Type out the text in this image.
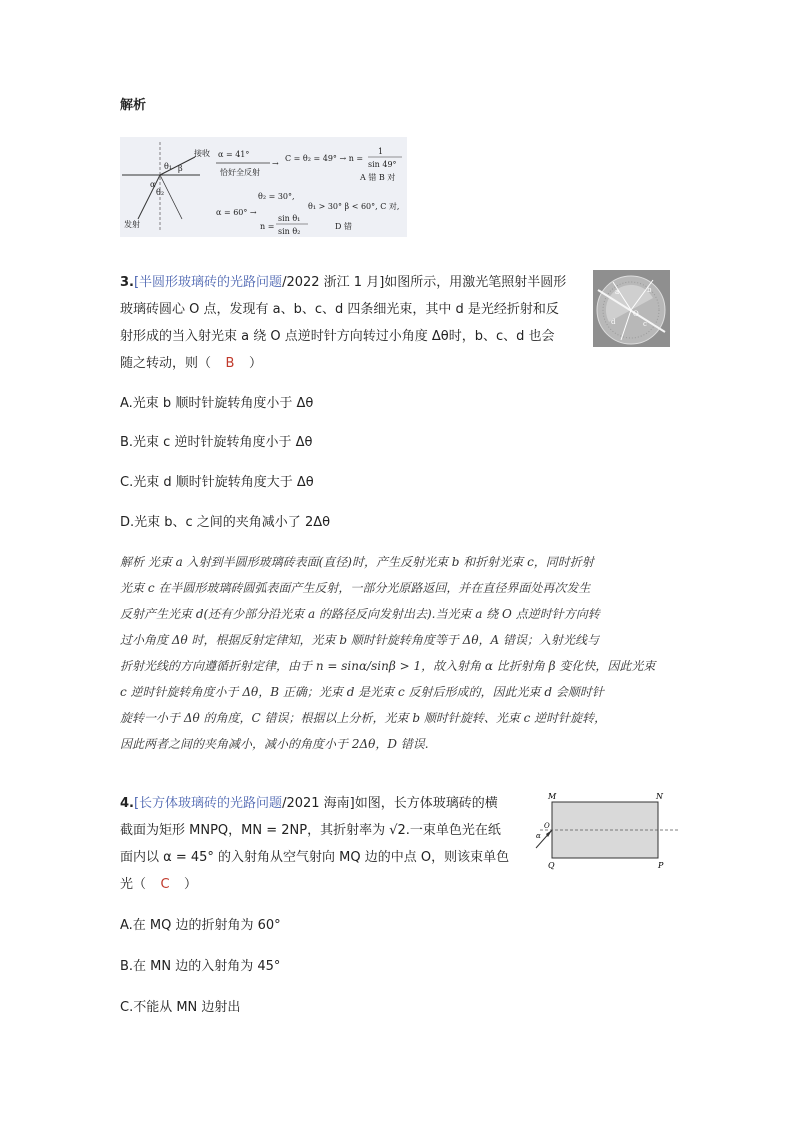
解析
θ₁
α
θ₂
β
接收
发射
α = 41°
→
恰好全反射
C = θ₂ = 49° → n =
1
sin 49°
A 错 B 对
θ₂ = 30°,
α = 60° →
n =
sin θ₁
sin θ₂
θ₁ > 30° β < 60°, C 对,
D 错
3.[半圆形玻璃砖的光路问题/2022 浙江 1 月]如图所示，用激光笔照射半圆形
玻璃砖圆心 O 点，发现有 a、b、c、d 四条细光束，其中 d 是光经折射和反
射形成的当入射光束 a 绕 O 点逆时针方向转过小角度 Δθ时，b、c、d 也会
随之转动，则（ B ）
a	b
d
O
c
A.光束 b 顺时针旋转角度小于 Δθ
B.光束 c 逆时针旋转角度小于 Δθ
C.光束 d 顺时针旋转角度大于 Δθ
D.光束 b、c 之间的夹角减小了 2Δθ
解析 光束 a 入射到半圆形玻璃砖表面(直径)时，产生反射光束 b 和折射光束 c，同时折射
光束 c 在半圆形玻璃砖圆弧表面产生反射，一部分光原路返回，并在直径界面处再次发生
反射产生光束 d(还有少部分沿光束 a 的路径反向发射出去).当光束 a 绕 O 点逆时针方向转
过小角度 Δθ 时，根据反射定律知，光束 b 顺时针旋转角度等于 Δθ，A 错误；入射光线与
折射光线的方向遵循折射定律，由于 n = sinα/sinβ > 1，故入射角 α 比折射角 β 变化快，因此光束
c 逆时针旋转角度小于 Δθ，B 正确；光束 d 是光束 c 反射后形成的，因此光束 d 会顺时针
旋转一小于 Δθ 的角度，C 错误；根据以上分析，光束 b 顺时针旋转、光束 c 逆时针旋转，
因此两者之间的夹角减小，减小的角度小于 2Δθ，D 错误.
4.[长方体玻璃砖的光路问题/2021 海南]如图，长方体玻璃砖的横
截面为矩形 MNPQ，MN = 2NP，其折射率为 √2.一束单色光在纸
面内以 α = 45° 的入射角从空气射向 MQ 边的中点 O，则该束单色
光（ C ）
M	N
P
Q
O
α
A.在 MQ 边的折射角为 60°
B.在 MN 边的入射角为 45°
C.不能从 MN 边射出
